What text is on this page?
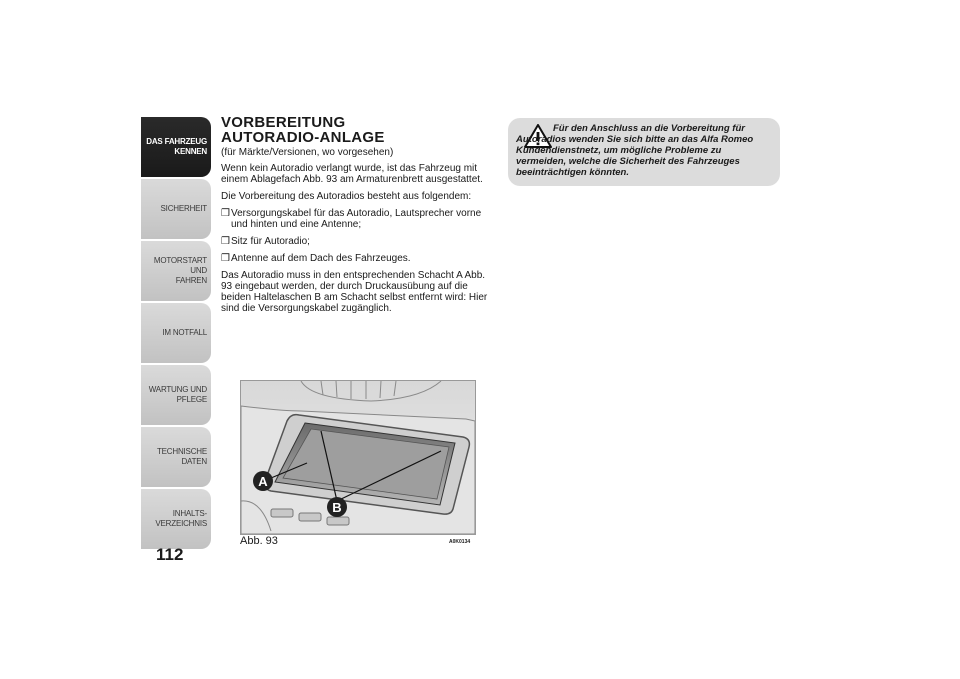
DAS FAHRZEUG
KENNEN
SICHERHEIT
MOTORSTART UND
FAHREN
IM NOTFALL
WARTUNG UND
PFLEGE
TECHNISCHE DATEN
INHALTS-
VERZEICHNIS
112
VORBEREITUNG
AUTORADIO-ANLAGE

(für Märkte/Versionen, wo vorgesehen)

Wenn kein Autoradio verlangt wurde, ist das Fahrzeug mit einem Ablagefach Abb. 93 am Armaturenbrett ausgestattet.

Die Vorbereitung des Autoradios besteht aus folgendem:

❒ Versorgungskabel für das Autoradio, Lautsprecher vorne und hinten und eine Antenne;
❒ Sitz für Autoradio;
❒ Antenne auf dem Dach des Fahrzeuges.

Das Autoradio muss in den entsprechenden Schacht A Abb. 93 eingebaut werden, der durch Druckausübung auf die beiden Haltelaschen B am Schacht selbst entfernt wird: Hier sind die Versorgungskabel zugänglich.

A
B
Abb. 93	A0K0134
Für den Anschluss an die Vorbereitung für Autoradios wenden Sie sich bitte an das Alfa Romeo Kundendienstnetz, um mögliche Probleme zu vermeiden, welche die Sicherheit des Fahrzeuges beeinträchtigen könnten.
